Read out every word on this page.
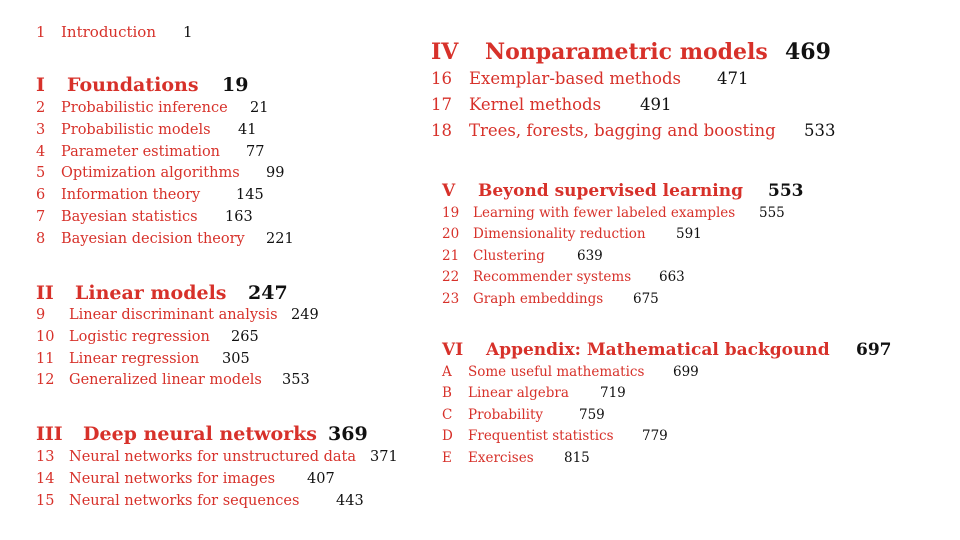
1 Introduction 1
I Foundations 19
2 Probabilistic inference 21
3 Probabilistic models 41
4 Parameter estimation 77
5 Optimization algorithms 99
6 Information theory 145
7 Bayesian statistics 163
8 Bayesian decision theory 221
II Linear models 247
9 Linear discriminant analysis 249
10 Logistic regression 265
11 Linear regression 305
12 Generalized linear models 353
III Deep neural networks 369
13 Neural networks for unstructured data 371
14 Neural networks for images 407
15 Neural networks for sequences	443
IV Nonparametric models 469
16 Exemplar-based methods 471
17 Kernel methods 491
18 Trees, forests, bagging and boosting 533
V Beyond supervised learning 553
19 Learning with fewer labeled examples 555
20 Dimensionality reduction 591
21 Clustering 639
22 Recommender systems 663
23 Graph embeddings 675
VI Appendix: Mathematical backgound 697
A Some useful mathematics 699
B Linear algebra 719
C Probability	759
D Frequentist statistics 779
E Exercises 815
